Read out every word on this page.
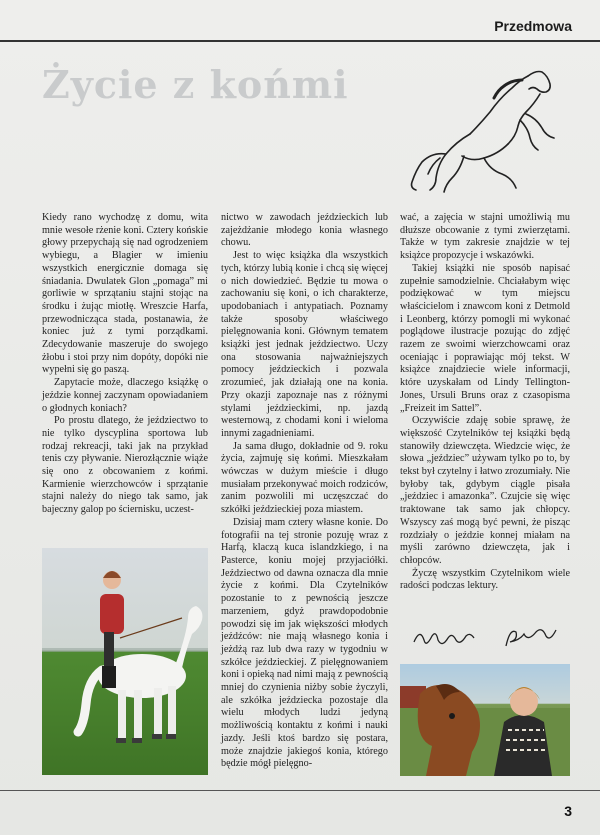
Przedmowa
Życie z końmi

Kiedy rano wychodzę z domu, wita mnie wesołe rżenie koni. Cztery końskie głowy przepychają się nad ogrodzeniem wybiegu, a Blagier w imieniu wszystkich energicznie domaga się śniadania. Dwulatek Glon „pomaga” mi gorliwie w sprzątaniu stajni stojąc na środku i żując miotłę. Wreszcie Harfa, przewodnicząca stada, postanawia, że koniec już z tymi porządkami. Zdecydowanie maszeruje do swojego żłobu i stoi przy nim dopóty, dopóki nie wypełni się go paszą.

Zapytacie może, dlaczego książkę o jeździe konnej zaczynam opowiadaniem o głodnych koniach?

Po prostu dlatego, że jeździectwo to nie tylko dyscyplina sportowa lub rodzaj rekreacji, taki jak na przykład tenis czy pływanie. Nierozłącznie wiąże się ono z obcowaniem z końmi. Karmienie wierzchowców i sprzątanie stajni należy do niego tak samo, jak bajeczny galop po ściernisku, uczest-

nictwo w zawodach jeździeckich lub zajeżdżanie młodego konia własnego chowu.

Jest to więc książka dla wszystkich tych, którzy lubią konie i chcą się więcej o nich dowiedzieć. Będzie tu mowa o zachowaniu się koni, o ich charakterze, upodobaniach i antypatiach. Poznamy także sposoby właściwego pielęgnowania koni. Głównym tematem książki jest jednak jeździectwo. Uczy ona stosowania najważniejszych pomocy jeździeckich i pozwala zrozumieć, jak działają one na konia. Przy okazji zapoznaje nas z różnymi stylami jeździeckimi, np. jazdą westernową, z chodami koni i wieloma innymi zagadnieniami.

Ja sama długo, dokładnie od 9. roku życia, zajmuję się końmi. Mieszkałam wówczas w dużym mieście i długo musiałam przekonywać moich rodziców, zanim pozwolili mi uczęszczać do szkółki jeździeckiej poza miastem.

Dzisiaj mam cztery własne konie. Do fotografii na tej stronie pozuję wraz z Harfą, klaczą kuca islandzkiego, i na Pasterce, koniu mojej przyjaciółki. Jeździectwo od dawna oznacza dla mnie życie z końmi. Dla Czytelników pozostanie to z pewnością jeszcze marzeniem, gdyż prawdopodobnie powodzi się im jak większości młodych jeźdźców: nie mają własnego konia i jeżdżą raz lub dwa razy w tygodniu w szkółce jeździeckiej. Z pielęgnowaniem koni i opieką nad nimi mają z pewnością mniej do czynienia niżby sobie życzyli, ale szkółka jeździecka pozostaje dla wielu młodych ludzi jedyną możliwością kontaktu z końmi i nauki jazdy. Jeśli ktoś bardzo się postara, może znajdzie jakiegoś konia, którego będzie mógł pielęgno-

wać, a zajęcia w stajni umożliwią mu dłuższe obcowanie z tymi zwierzętami. Także w tym zakresie znajdzie w tej książce propozycje i wskazówki.

Takiej książki nie sposób napisać zupełnie samodzielnie. Chciałabym więc podziękować w tym miejscu właścicielom i znawcom koni z Detmold i Leonberg, którzy pomogli mi wykonać poglądowe ilustracje pozując do zdjęć razem ze swoimi wierzchowcami oraz oceniając i poprawiając mój tekst. W książce znajdziecie wiele informacji, które uzyskałam od Lindy Tellington-Jones, Ursuli Bruns oraz z czasopisma „Freizeit im Sattel”.

Oczywiście zdaję sobie sprawę, że większość Czytelników tej książki będą stanowiły dziewczęta. Wiedzcie więc, że słowa „jeździec” używam tylko po to, by tekst był czytelny i łatwo zrozumiały. Nie byłoby tak, gdybym ciągle pisała „jeździec i amazonka”. Czujcie się więc traktowane tak samo jak chłopcy. Wszyscy zaś mogą być pewni, że pisząc rozdziały o jeździe konnej miałam na myśli zarówno dziewczęta, jak i chłopców.

Życzę wszystkim Czytelnikom wiele radości podczas lektury.

3
